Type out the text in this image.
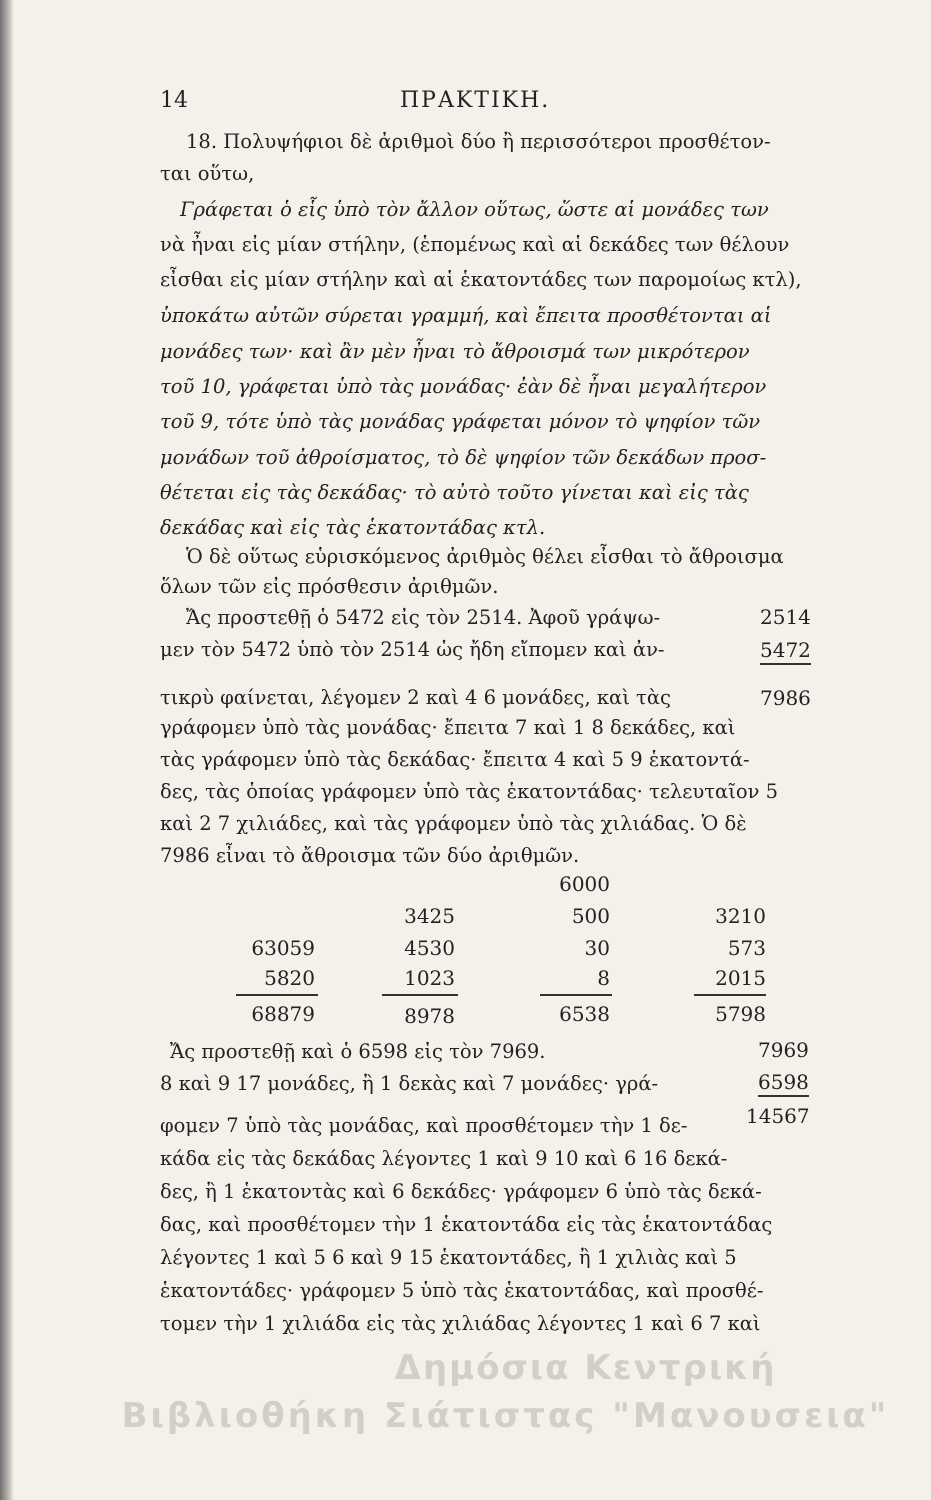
14	ΠΡΑΚΤΙΚΗ.
18. Πολυψήφιοι δὲ ἀριθμοὶ δύο ἢ περισσότεροι προσθέτον-
ται οὕτω,
Γράφεται ὁ εἷς ὑπὸ τὸν ἄλλον οὕτως, ὥστε αἱ μονάδες των
νὰ ἦναι εἰς μίαν στήλην, (ἑπομένως καὶ αἱ δεκάδες των θέλουν
εἶσθαι εἰς μίαν στήλην καὶ αἱ ἑκατοντάδες των παρομοίως κτλ),
ὑποκάτω αὐτῶν σύρεται γραμμή, καὶ ἔπειτα προσθέτονται αἱ
μονάδες των· καὶ ἂν μὲν ἦναι τὸ ἄθροισμά των μικρότερον
τοῦ 10, γράφεται ὑπὸ τὰς μονάδας· ἐὰν δὲ ἦναι μεγαλήτερον
τοῦ 9, τότε ὑπὸ τὰς μονάδας γράφεται μόνον τὸ ψηφίον τῶν
μονάδων τοῦ ἀθροίσματος, τὸ δὲ ψηφίον τῶν δεκάδων προσ-
θέτεται εἰς τὰς δεκάδας· τὸ αὐτὸ τοῦτο γίνεται καὶ εἰς τὰς
δεκάδας καὶ εἰς τὰς ἑκατοντάδας κτλ.
Ὁ δὲ οὕτως εὑρισκόμενος ἀριθμὸς θέλει εἶσθαι τὸ ἄθροισμα
ὅλων τῶν εἰς πρόσθεσιν ἀριθμῶν.
Ἄς προστεθῇ ὁ 5472 εἰς τὸν 2514. Ἀφοῦ γράψω-
μεν τὸν 5472 ὑπὸ τὸν 2514 ὡς ἤδη εἴπομεν καὶ ἀν-
τικρὺ φαίνεται, λέγομεν 2 καὶ 4 6 μονάδες, καὶ τὰς
γράφομεν ὑπὸ τὰς μονάδας· ἔπειτα 7 καὶ 1 8 δεκάδες, καὶ
τὰς γράφομεν ὑπὸ τὰς δεκάδας· ἔπειτα 4 καὶ 5 9 ἑκατοντά-
δες, τὰς ὁποίας γράφομεν ὑπὸ τὰς ἑκατοντάδας· τελευταῖον 5
καὶ 2 7 χιλιάδες, καὶ τὰς γράφομεν ὑπὸ τὰς χιλιάδας. Ὁ δὲ
7986 εἶναι τὸ ἄθροισμα τῶν δύο ἀριθμῶν.
2514
5472
7986
63059
5820
68879
3425
4530
1023
8978
6000
500
30
8
6538
3210
573
2015
5798
Ἄς προστεθῇ καὶ ὁ 6598 εἰς τὸν 7969.
8 καὶ 9 17 μονάδες, ἢ 1 δεκὰς καὶ 7 μονάδες· γρά-
φομεν 7 ὑπὸ τὰς μονάδας, καὶ προσθέτομεν τὴν 1 δε-
κάδα εἰς τὰς δεκάδας λέγοντες 1 καὶ 9 10 καὶ 6 16 δεκά-
δες, ἢ 1 ἑκατοντὰς καὶ 6 δεκάδες· γράφομεν 6 ὑπὸ τὰς δεκά-
δας, καὶ προσθέτομεν τὴν 1 ἑκατοντάδα εἰς τὰς ἑκατοντάδας
λέγοντες 1 καὶ 5 6 καὶ 9 15 ἑκατοντάδες, ἢ 1 χιλιὰς καὶ 5
ἑκατοντάδες· γράφομεν 5 ὑπὸ τὰς ἑκατοντάδας, καὶ προσθέ-
τομεν τὴν 1 χιλιάδα εἰς τὰς χιλιάδας λέγοντες 1 καὶ 6 7 καὶ
7969
6598
14567
Δημόσια Κεντρική
Βιβλιοθήκη Σιάτιστας "Μανουσεια"
